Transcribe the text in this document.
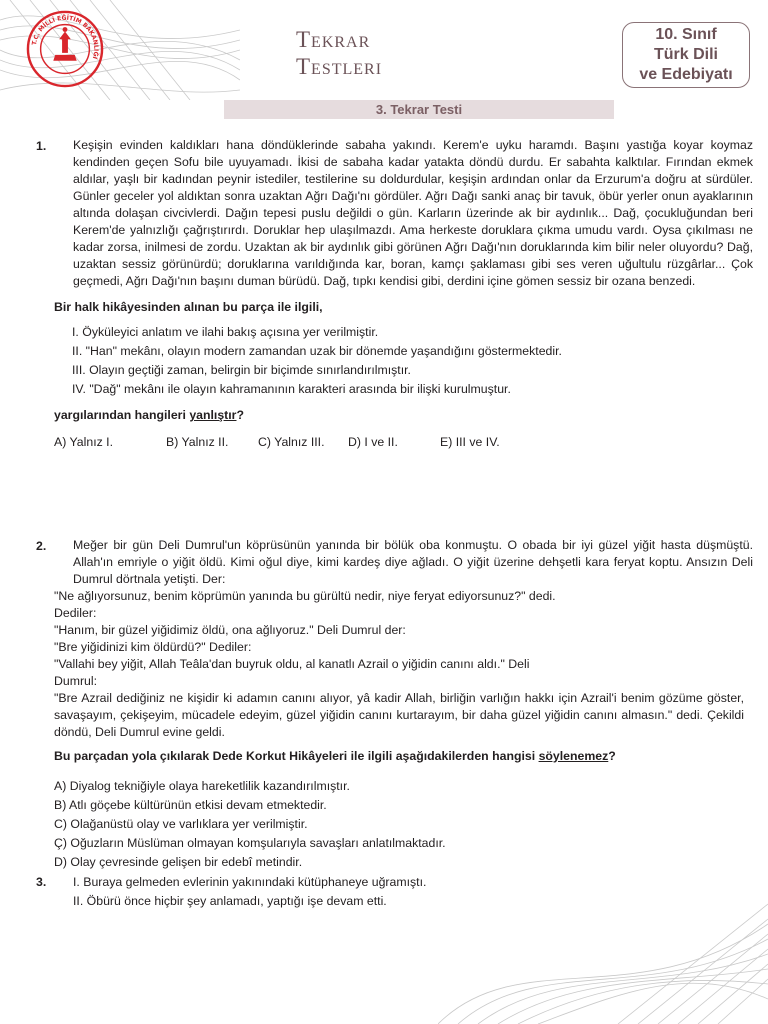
T.C. MİLLÎ EĞİTİM BAKANLIĞI
Tekrar
Testleri
10. Sınıf
Türk Dili
ve Edebiyatı
3. Tekrar Testi
1. Keşişin evinden kaldıkları hana döndüklerinde sabaha yakındı. Kerem'e uyku haramdı. Başını yastığa koyar koymaz kendinden geçen Sofu bile uyuyamadı. İkisi de sabaha kadar yatakta döndü durdu. Er sabahta kalktılar. Fırından ekmek aldılar, yaşlı bir kadından peynir istediler, testilerine su doldurdular, keşişin ardından onlar da Erzurum'a doğru at sürdüler. Günler geceler yol aldıktan sonra uzaktan Ağrı Dağı'nı gördüler. Ağrı Dağı sanki anaç bir tavuk, öbür yerler onun ayaklarının altında dolaşan civcivlerdi. Dağın tepesi puslu değildi o gün. Karların üzerinde ak bir aydınlık... Dağ, çocukluğundan beri Kerem'de yalnızlığı çağrıştırırdı. Doruklar hep ulaşılmazdı. Ama herkeste doruklara çıkma umudu vardı. Oysa çıkılması ne kadar zorsa, inilmesi de zordu. Uzaktan ak bir aydınlık gibi görünen Ağrı Dağı'nın doruklarında kim bilir neler oluyordu? Dağ, uzaktan sessiz görünürdü; doruklarına varıldığında kar, boran, kamçı şaklaması gibi ses veren uğultulu rüzgârlar... Çok geçmedi, Ağrı Dağı'nın başını duman bürüdü. Dağ, tıpkı kendisi gibi, derdini içine gömen sessiz bir ozana benzedi.
Bir halk hikâyesinden alınan bu parça ile ilgili,
I. Öyküleyici anlatım ve ilahi bakış açısına yer verilmiştir.
II. "Han" mekânı, olayın modern zamandan uzak bir dönemde yaşandığını göstermektedir.
III. Olayın geçtiği zaman, belirgin bir biçimde sınırlandırılmıştır.
IV. "Dağ" mekânı ile olayın kahramanının karakteri arasında bir ilişki kurulmuştur.
yargılarından hangileri yanlıştır?
A) Yalnız I.	B) Yalnız II. C) Yalnız III. D) I ve II.	E) III ve IV.
2. Meğer bir gün Deli Dumrul'un köprüsünün yanında bir bölük oba konmuştu. O obada bir iyi güzel yiğit hasta düşmüştü. Allah'ın emriyle o yiğit öldü. Kimi oğul diye, kimi kardeş diye ağladı. O yiğit üzerine dehşetli kara feryat koptu. Ansızın Deli Dumrul dörtnala yetişti. Der:
"Ne ağlıyorsunuz, benim köprümün yanında bu gürültü nedir, niye feryat ediyorsunuz?" dedi.
Dediler:
"Hanım, bir güzel yiğidimiz öldü, ona ağlıyoruz." Deli Dumrul der:
"Bre yiğidinizi kim öldürdü?" Dediler:
"Vallahi bey yiğit, Allah Teâla'dan buyruk oldu, al kanatlı Azrail o yiğidin canını aldı." Deli
Dumrul:
"Bre Azrail dediğiniz ne kişidir ki adamın canını alıyor, yâ kadir Allah, birliğin varlığın hakkı için Azrail'i benim gözüme göster, savaşayım, çekişeyim, mücadele edeyim, güzel yiğidin canını kurtarayım, bir daha güzel yiğidin canını almasın." dedi. Çekildi döndü, Deli Dumrul evine geldi.
Bu parçadan yola çıkılarak Dede Korkut Hikâyeleri ile ilgili aşağıdakilerden hangisi söylenemez?
A) Diyalog tekniğiyle olaya hareketlilik kazandırılmıştır.
B) Atlı göçebe kültürünün etkisi devam etmektedir.
C) Olağanüstü olay ve varlıklara yer verilmiştir.
Ç) Oğuzların Müslüman olmayan komşularıyla savaşları anlatılmaktadır.
D) Olay çevresinde gelişen bir edebî metindir.
3. I. Buraya gelmeden evlerinin yakınındaki kütüphaneye uğramıştı.
II. Öbürü önce hiçbir şey anlamadı, yaptığı işe devam etti.
